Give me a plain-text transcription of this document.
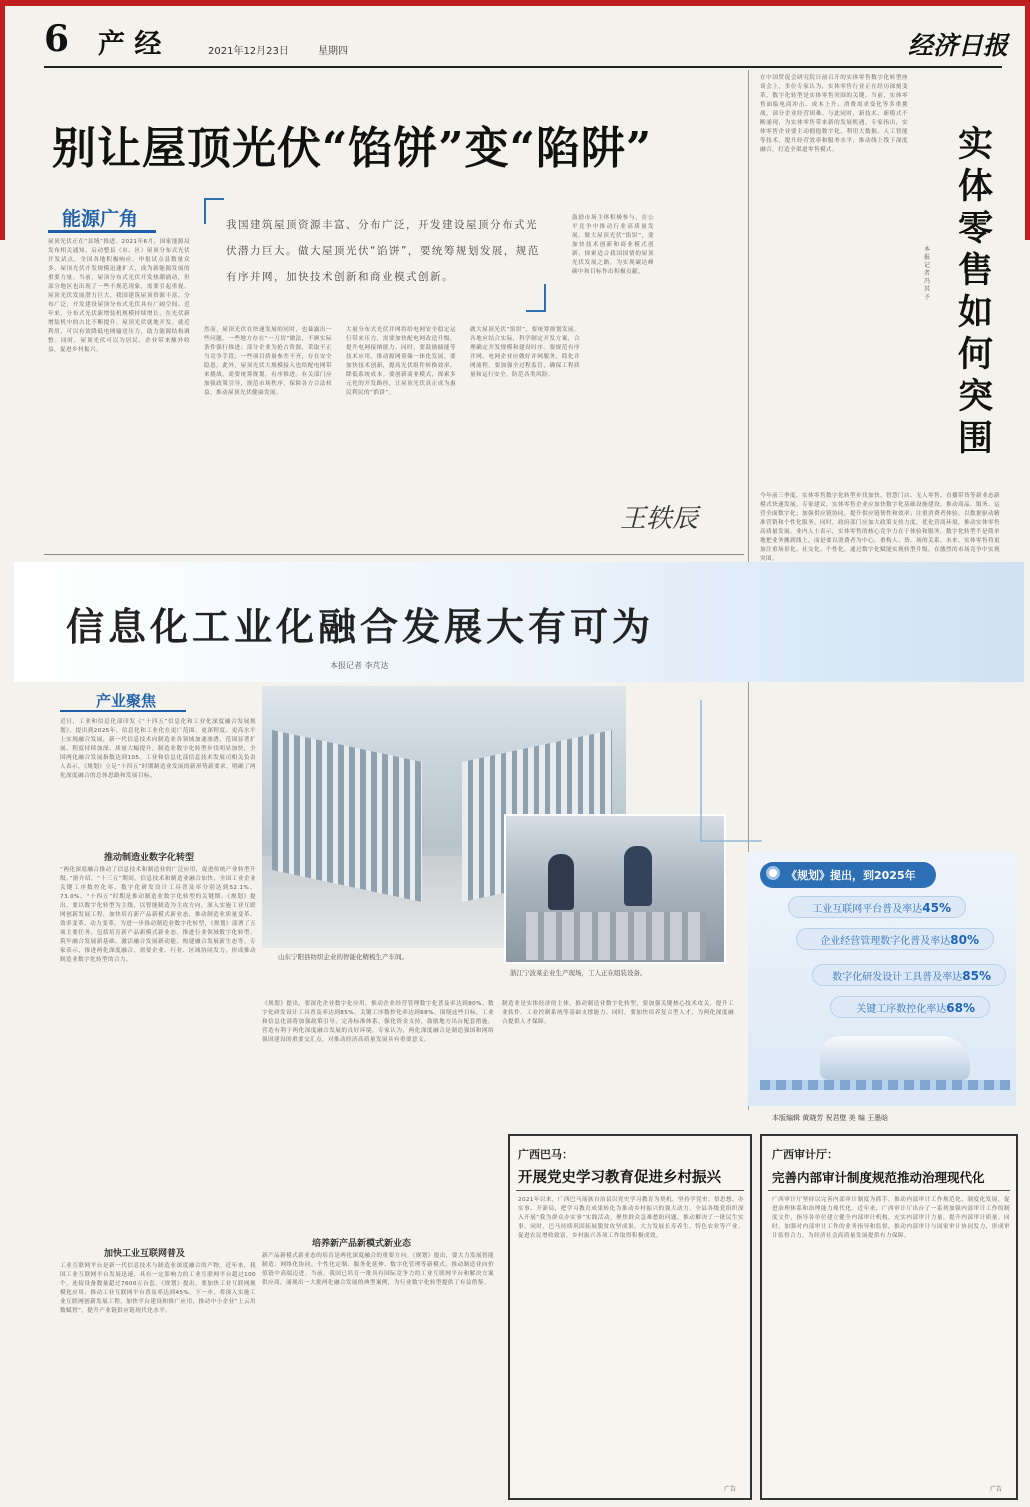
6 产 经	2021年12月23日	星期四	经济日报
别让屋顶光伏“馅饼”变“陷阱”
能源广角	我国建筑屋顶资源丰富、分布广泛，开发建设屋顶分布式光伏潜力巨大。做大屋顶光伏“馅饼”，要统筹规划发展，规范有序并网，加快技术创新和商业模式创新。
屋顶光伏正在“县域”推进。2021年6月，国家能源局发布相关通知，启动整县（市、区）屋顶分布式光伏开发试点，全国各地积极响应，申报试点县数量众多。屋顶光伏开发规模迅速扩大，成为新能源发展的重要力量。当前，屋顶分布式光伏开发热潮涌动，但部分地区也出现了一些不规范现象，需要引起重视。屋顶光伏发展潜力巨大，我国建筑屋顶资源丰富、分布广泛，开发建设屋顶分布式光伏具有广阔空间。近年来，分布式光伏新增装机规模持续增长，在光伏新增装机中的占比不断提升。屋顶光伏就地开发、就近利用，可以有效降低电网输送压力，助力能源结构调整。同时，屋顶光伏可以为居民、企业带来额外收益，促进乡村振兴。
然而，屋顶光伏在快速发展的同时，也暴露出一些问题。一些地方存在“一刀切”做法，不顾实际条件强行推进；部分企业为抢占资源，采取不正当竞争手段；一些项目质量参差不齐，存在安全隐患。此外，屋顶光伏大规模接入也给配电网带来挑战，需要统筹规划，有序推进。有关部门应加强政策引导，规范市场秩序，保障各方合法权益，推动屋顶光伏健康发展。
大量分布式光伏并网将给电网安全稳定运行带来压力，需要加快配电网改造升级，提升电网接纳能力。同时，要鼓励储能等技术应用，推动源网荷储一体化发展。要加快技术创新，提高光伏组件转换效率，降低系统成本。要创新商业模式，探索多元化的开发路径，让屋顶光伏真正成为惠民利民的“馅饼”。
做大屋顶光伏“馅饼”，要统筹规划发展。各地应结合实际，科学制定开发方案，合理确定开发规模和建设时序。要规范有序并网，电网企业应做好并网服务，简化并网流程。要加强全过程监管，确保工程质量和运行安全，防范各类风险。
鼓励市场主体积极参与，在公平竞争中推动行业高质量发展。做大屋顶光伏“馅饼”，要加快技术创新和商业模式创新，探索适合我国国情的屋顶光伏发展之路，为实现碳达峰碳中和目标作出积极贡献。
王轶辰
在中国贸促会研究院日前召开的实体零售数字化转型座谈会上，多位专家认为，实体零售行业正在经历深刻变革，数字化转型是实体零售突围的关键。当前，实体零售面临电商冲击、成本上升、消费需求变化等多重挑战，部分企业经营困难。与此同时，新技术、新模式不断涌现，为实体零售带来新的发展机遇。专家指出，实体零售企业要主动拥抱数字化，利用大数据、人工智能等技术，提升经营效率和服务水平，推动线上线下深度融合，打造全渠道零售模式。	实体零售如何突围
本报记者 冯其予
今年前三季度，实体零售数字化转型步伐加快，智慧门店、无人零售、直播带货等新业态新模式快速发展。专家建议，实体零售企业应加快数字化基础设施建设，推动商品、服务、运营全面数字化；加强供应链协同，提升供应链韧性和效率；注重消费者体验，以数据驱动精准营销和个性化服务。同时，政府部门应加大政策支持力度，优化营商环境，推动实体零售高质量发展。业内人士表示，实体零售的核心竞争力在于体验和服务，数字化转型不是简单地把业务搬到线上，而是要以消费者为中心，重构人、货、场的关系。未来，实体零售将更加注重场景化、社交化、个性化，通过数字化赋能实现转型升级，在激烈的市场竞争中实现突围。
信息化工业化融合发展大有可为
本报记者 李芃达
产业聚焦
山东宁阳县纺织企业的智能化精梳生产车间。
浙江宁波某企业生产现场，工人正在组装设备。
《规划》提出，到2025年
工业互联网平台普及率达45%
企业经营管理数字化普及率达80%
数字化研发设计工具普及率达85%
关键工序数控化率达68%
本版编辑 黄晓芳 祝君壁 美 编 王墨晗
近日，工业和信息化部印发《“十四五”信息化和工业化深度融合发展规划》，提出到2025年，信息化和工业化在更广范围、更深程度、更高水平上实现融合发展，新一代信息技术向制造业各领域加速渗透，范围显著扩展、程度持续加深、质量大幅提升，制造业数字化转型步伐明显加快，全国两化融合发展指数达到105。工业和信息化部信息技术发展司相关负责人表示，《规划》立足“十四五”时期制造业发展的新形势新要求，明确了两化深度融合的总体思路和发展目标。
推动制造业数字化转型
“两化深度融合推动了信息技术和制造业的广泛应用，促进传统产业转型升级。”据介绍，“十三五”期间，信息技术和制造业融合加快，全国工业企业关键工序数控化率、数字化研发设计工具普及率分别达到52.1%、73.0%。“十四五”时期是推动制造业数字化转型的关键期。《规划》提出，要以数字化转型为主线，以智能制造为主攻方向，深入实施工业互联网创新发展工程，加快培育新产品新模式新业态，推动制造业质量变革、效率变革、动力变革。为进一步推动制造业数字化转型，《规划》部署了五项主要任务，包括培育新产品新模式新业态、推进行业领域数字化转型、筑牢融合发展新基础、激活融合发展新动能、构建融合发展新生态等。专家表示，推进两化深度融合，需要企业、行业、区域协同发力，形成推动制造业数字化转型的合力。
加快工业互联网普及
工业互联网平台是新一代信息技术与制造业深度融合的产物。近年来，我国工业互联网平台发展迅速，具有一定影响力的工业互联网平台超过100个，连接设备数量超过7600万台套。《规划》提出，要加快工业互联网规模化应用，推动工业互联网平台普及率达到45%。下一步，将深入实施工业互联网创新发展工程，加快平台建设和推广应用，推动中小企业“上云用数赋智”，提升产业链供应链现代化水平。
《规划》提出，要深化企业数字化应用，推动企业经营管理数字化普及率达到80%、数字化研发设计工具普及率达到85%、关键工序数控化率达到68%。围绕这些目标，工业和信息化部将加强政策引导，完善标准体系，强化资金支持，鼓励地方出台配套措施，营造有利于两化深度融合发展的良好环境。专家认为，两化深度融合是制造强国和网络强国建设的重要交汇点，对推动经济高质量发展具有重要意义。
培养新产品新模式新业态
新产品新模式新业态的培育是两化深度融合的重要方向。《规划》提出，要大力发展智能制造、网络化协同、个性化定制、服务化延伸、数字化管理等新模式，推动制造业向价值链中高端迈进。当前，我国已培育一批具有国际竞争力的工业互联网平台和解决方案供应商，涌现出一大批两化融合发展的典型案例，为行业数字化转型提供了有益借鉴。
制造业是实体经济的主体，推动制造业数字化转型，要加强关键核心技术攻关，提升工业软件、工业控制系统等基础支撑能力。同时，要加快培养复合型人才，为两化深度融合提供人才保障。
广西巴马：
开展党史学习教育促进乡村振兴
2021年以来，广西巴马瑶族自治县以党史学习教育为契机，坚持学党史、悟思想、办实事、开新局，把学习教育成果转化为推动乡村振兴的强大动力。全县各级党组织深入开展“我为群众办实事”实践活动，聚焦群众急难愁盼问题，推动解决了一批民生实事。同时，巴马持续巩固拓展脱贫攻坚成果，大力发展长寿养生、特色农业等产业，促进农民增收致富，乡村振兴各项工作取得积极成效。
广告
广西审计厅：
完善内部审计制度规范推动治理现代化
广西审计厅坚持以完善内部审计制度为抓手，推动内部审计工作规范化、制度化发展，促进治理体系和治理能力现代化。近年来，广西审计厅出台了一系列加强内部审计工作的制度文件，指导各单位建立健全内部审计机构，充实内部审计力量，提升内部审计质量。同时，加强对内部审计工作的业务指导和监督，推动内部审计与国家审计协同发力，形成审计监督合力，为经济社会高质量发展提供有力保障。
广告
